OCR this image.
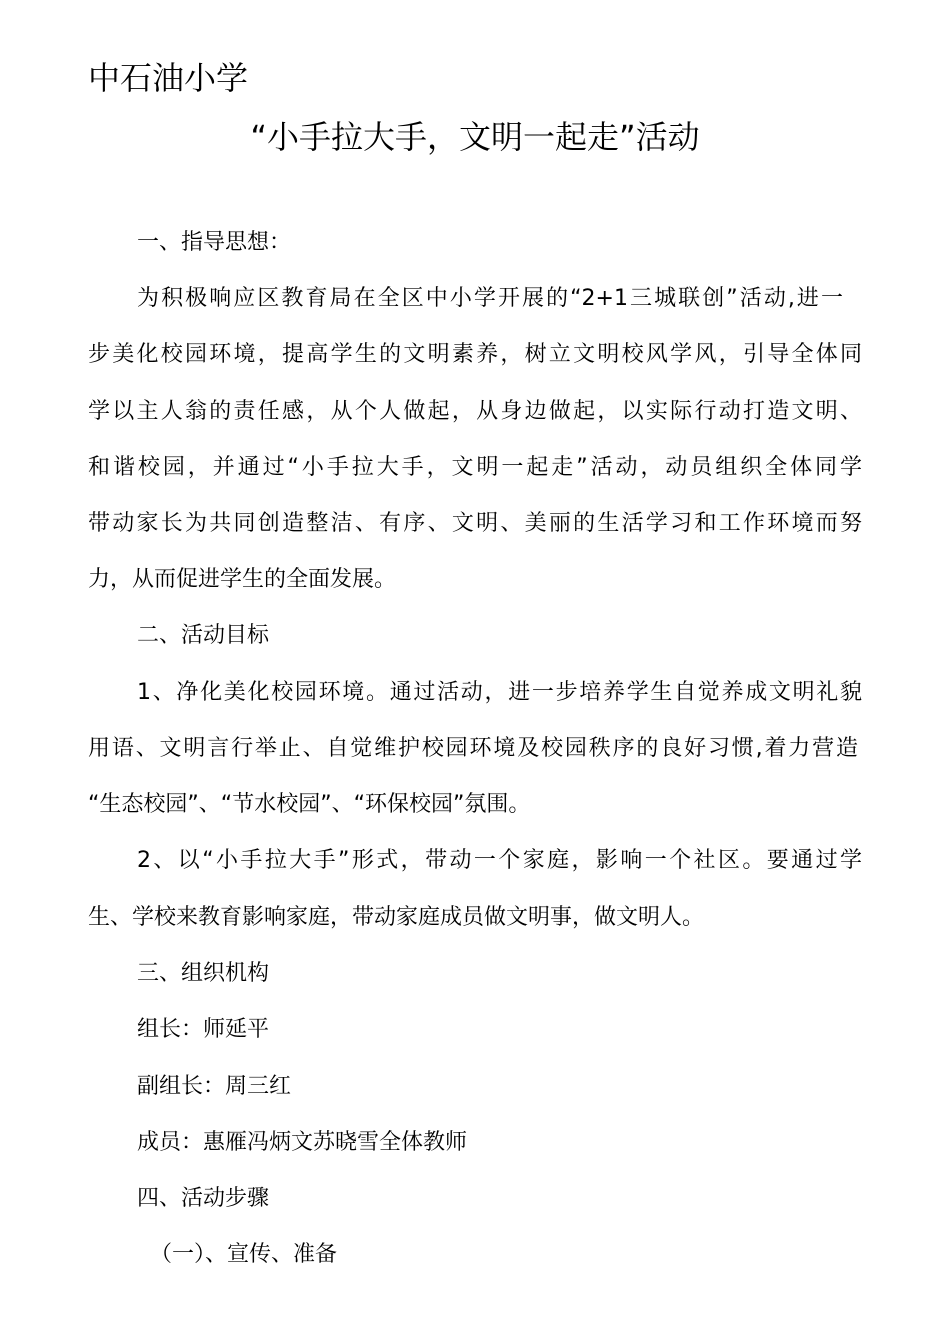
中石油小学
“小手拉大手，文明一起走”活动
一、指导思想：
为积极响应区教育局在全区中小学开展的“2+1三城联创”活动,进一
步美化校园环境，提高学生的文明素养，树立文明校风学风，引导全体同
学以主人翁的责任感，从个人做起，从身边做起，以实际行动打造文明、
和谐校园，并通过“小手拉大手，文明一起走”活动，动员组织全体同学
带动家长为共同创造整洁、有序、文明、美丽的生活学习和工作环境而努
力，从而促进学生的全面发展。
二、活动目标
1、净化美化校园环境。通过活动，进一步培养学生自觉养成文明礼貌
用语、文明言行举止、自觉维护校园环境及校园秩序的良好习惯,着力营造
“生态校园”、“节水校园”、“环保校园”氛围。
2、以“小手拉大手”形式，带动一个家庭，影响一个社区。要通过学
生、学校来教育影响家庭，带动家庭成员做文明事，做文明人。
三、组织机构
组长：师延平
副组长：周三红
成员：惠雁冯炳文苏晓雪全体教师
四、活动步骤
（一）、宣传、准备
